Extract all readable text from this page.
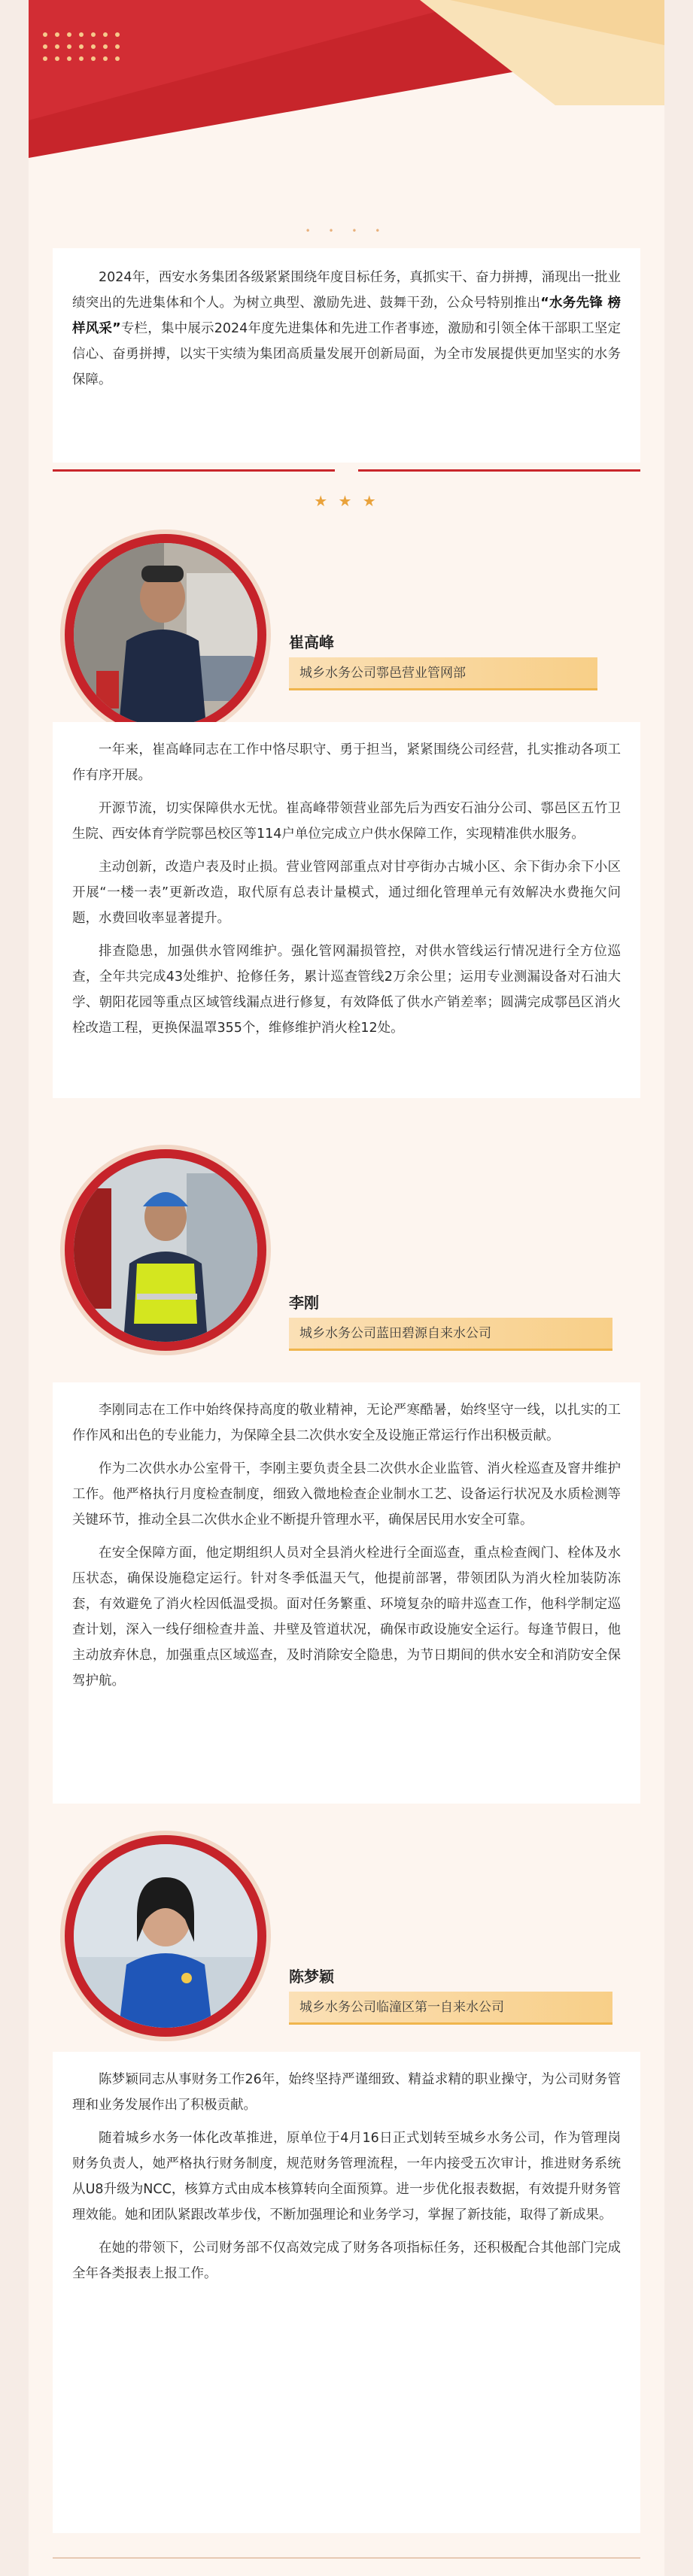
• • • •

2024年，西安水务集团各级紧紧围绕年度目标任务，真抓实干、奋力拼搏，涌现出一批业绩突出的先进集体和个人。为树立典型、激励先进、鼓舞干劲，公众号特别推出“水务先锋 榜样风采”专栏，集中展示2024年度先进集体和先进工作者事迹，激励和引领全体干部职工坚定信心、奋勇拼搏，以实干实绩为集团高质量发展开创新局面，为全市发展提供更加坚实的水务保障。

★ ★ ★
崔高峰
城乡水务公司鄠邑营业管网部

一年来，崔高峰同志在工作中恪尽职守、勇于担当，紧紧围绕公司经营，扎实推动各项工作有序开展。

开源节流，切实保障供水无忧。崔高峰带领营业部先后为西安石油分公司、鄠邑区五竹卫生院、西安体育学院鄠邑校区等114户单位完成立户供水保障工作，实现精准供水服务。

主动创新，改造户表及时止损。营业管网部重点对甘亭街办古城小区、余下街办余下小区开展“一楼一表”更新改造，取代原有总表计量模式，通过细化管理单元有效解决水费拖欠问题，水费回收率显著提升。

排查隐患，加强供水管网维护。强化管网漏损管控，对供水管线运行情况进行全方位巡查，全年共完成43处维护、抢修任务，累计巡查管线2万余公里；运用专业测漏设备对石油大学、朝阳花园等重点区域管线漏点进行修复，有效降低了供水产销差率；圆满完成鄠邑区消火栓改造工程，更换保温罩355个，维修维护消火栓12处。

李刚
城乡水务公司蓝田碧源自来水公司

李刚同志在工作中始终保持高度的敬业精神，无论严寒酷暑，始终坚守一线，以扎实的工作作风和出色的专业能力，为保障全县二次供水安全及设施正常运行作出积极贡献。

作为二次供水办公室骨干，李刚主要负责全县二次供水企业监管、消火栓巡查及窨井维护工作。他严格执行月度检查制度，细致入微地检查企业制水工艺、设备运行状况及水质检测等关键环节，推动全县二次供水企业不断提升管理水平，确保居民用水安全可靠。

在安全保障方面，他定期组织人员对全县消火栓进行全面巡查，重点检查阀门、栓体及水压状态，确保设施稳定运行。针对冬季低温天气，他提前部署，带领团队为消火栓加装防冻套，有效避免了消火栓因低温受损。面对任务繁重、环境复杂的暗井巡查工作，他科学制定巡查计划，深入一线仔细检查井盖、井壁及管道状况，确保市政设施安全运行。每逢节假日，他主动放弃休息，加强重点区域巡查，及时消除安全隐患，为节日期间的供水安全和消防安全保驾护航。

陈梦颖
城乡水务公司临潼区第一自来水公司

陈梦颖同志从事财务工作26年，始终坚持严谨细致、精益求精的职业操守，为公司财务管理和业务发展作出了积极贡献。

随着城乡水务一体化改革推进，原单位于4月16日正式划转至城乡水务公司，作为管理岗财务负责人，她严格执行财务制度，规范财务管理流程，一年内接受五次审计，推进财务系统从U8升级为NCC，核算方式由成本核算转向全面预算。进一步优化报表数据，有效提升财务管理效能。她和团队紧跟改革步伐，不断加强理论和业务学习，掌握了新技能，取得了新成果。

在她的带领下，公司财务部不仅高效完成了财务各项指标任务，还积极配合其他部门完成全年各类报表上报工作。
